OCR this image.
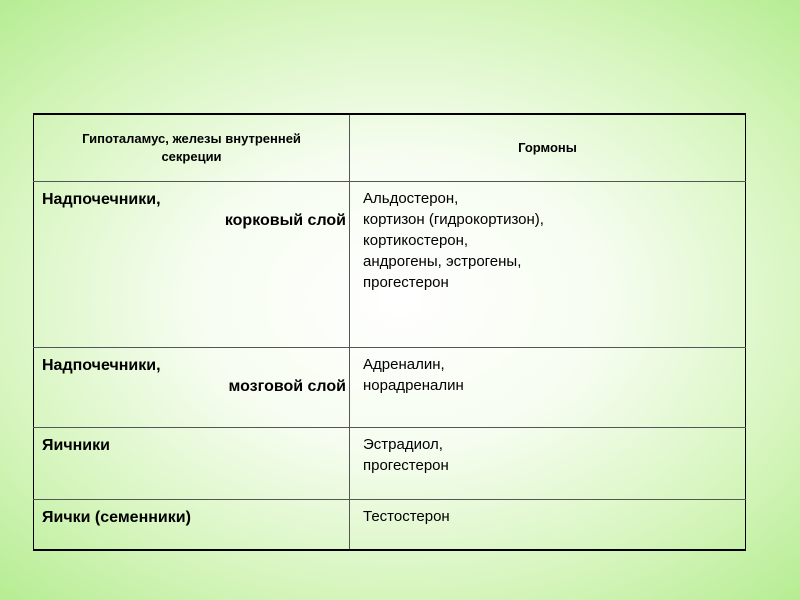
Гипоталамус, железы внутренней
секреции	Гормоны

Надпочечники,
корковый слой	Альдостерон,
кортизон (гидрокортизон),
кортикостерон,
андрогены, эстрогены,
прогестерон

Надпочечники,
мозговой слой	Адреналин,
норадреналин

Яичники	Эстрадиол,
прогестерон

Яички (семенники)	Тестостерон
